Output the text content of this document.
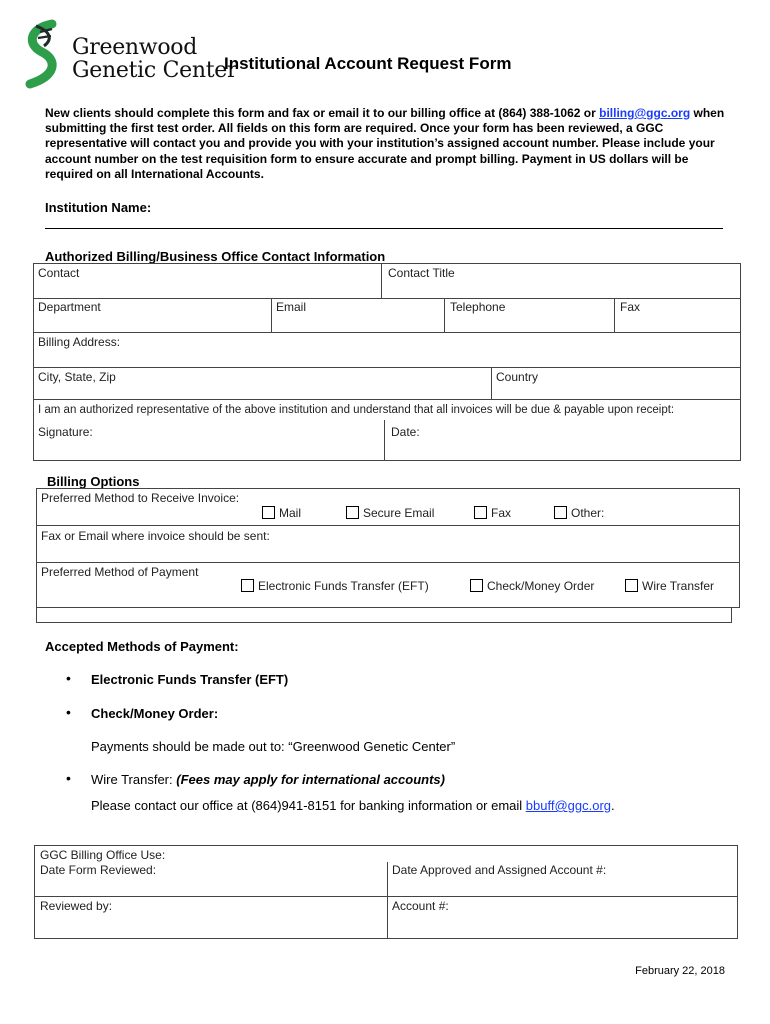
Greenwood
Genetic Center
Institutional Account Request Form
New clients should complete this form and fax or email it to our billing office at (864) 388-1062 or billing@ggc.org when submitting the first test order. All fields on this form are required. Once your form has been reviewed, a GGC representative will contact you and provide you with your institution’s assigned account number. Please include your account number on the test requisition form to ensure accurate and prompt billing. Payment in US dollars will be required on all International Accounts.
Institution Name:
Authorized Billing/Business Office Contact Information
Contact	Contact Title
Department	Email	Telephone	Fax
Billing Address:
City, State, Zip	Country
I am an authorized representative of the above institution and understand that all invoices will be due & payable upon receipt:
Signature:	Date:
Billing Options
Preferred Method to Receive Invoice:
Mail	Secure Email	Fax	Other:
Fax or Email where invoice should be sent:
Preferred Method of Payment
Electronic Funds Transfer (EFT)	Check/Money Order	Wire Transfer
Accepted Methods of Payment:
• Electronic Funds Transfer (EFT)
• Check/Money Order:
Payments should be made out to: “Greenwood Genetic Center”
• Wire Transfer: (Fees may apply for international accounts)
Please contact our office at (864)941-8151 for banking information or email bbuff@ggc.org.
GGC Billing Office Use:
Date Form Reviewed:	Date Approved and Assigned Account #:
Reviewed by:	Account #:
February 22, 2018
